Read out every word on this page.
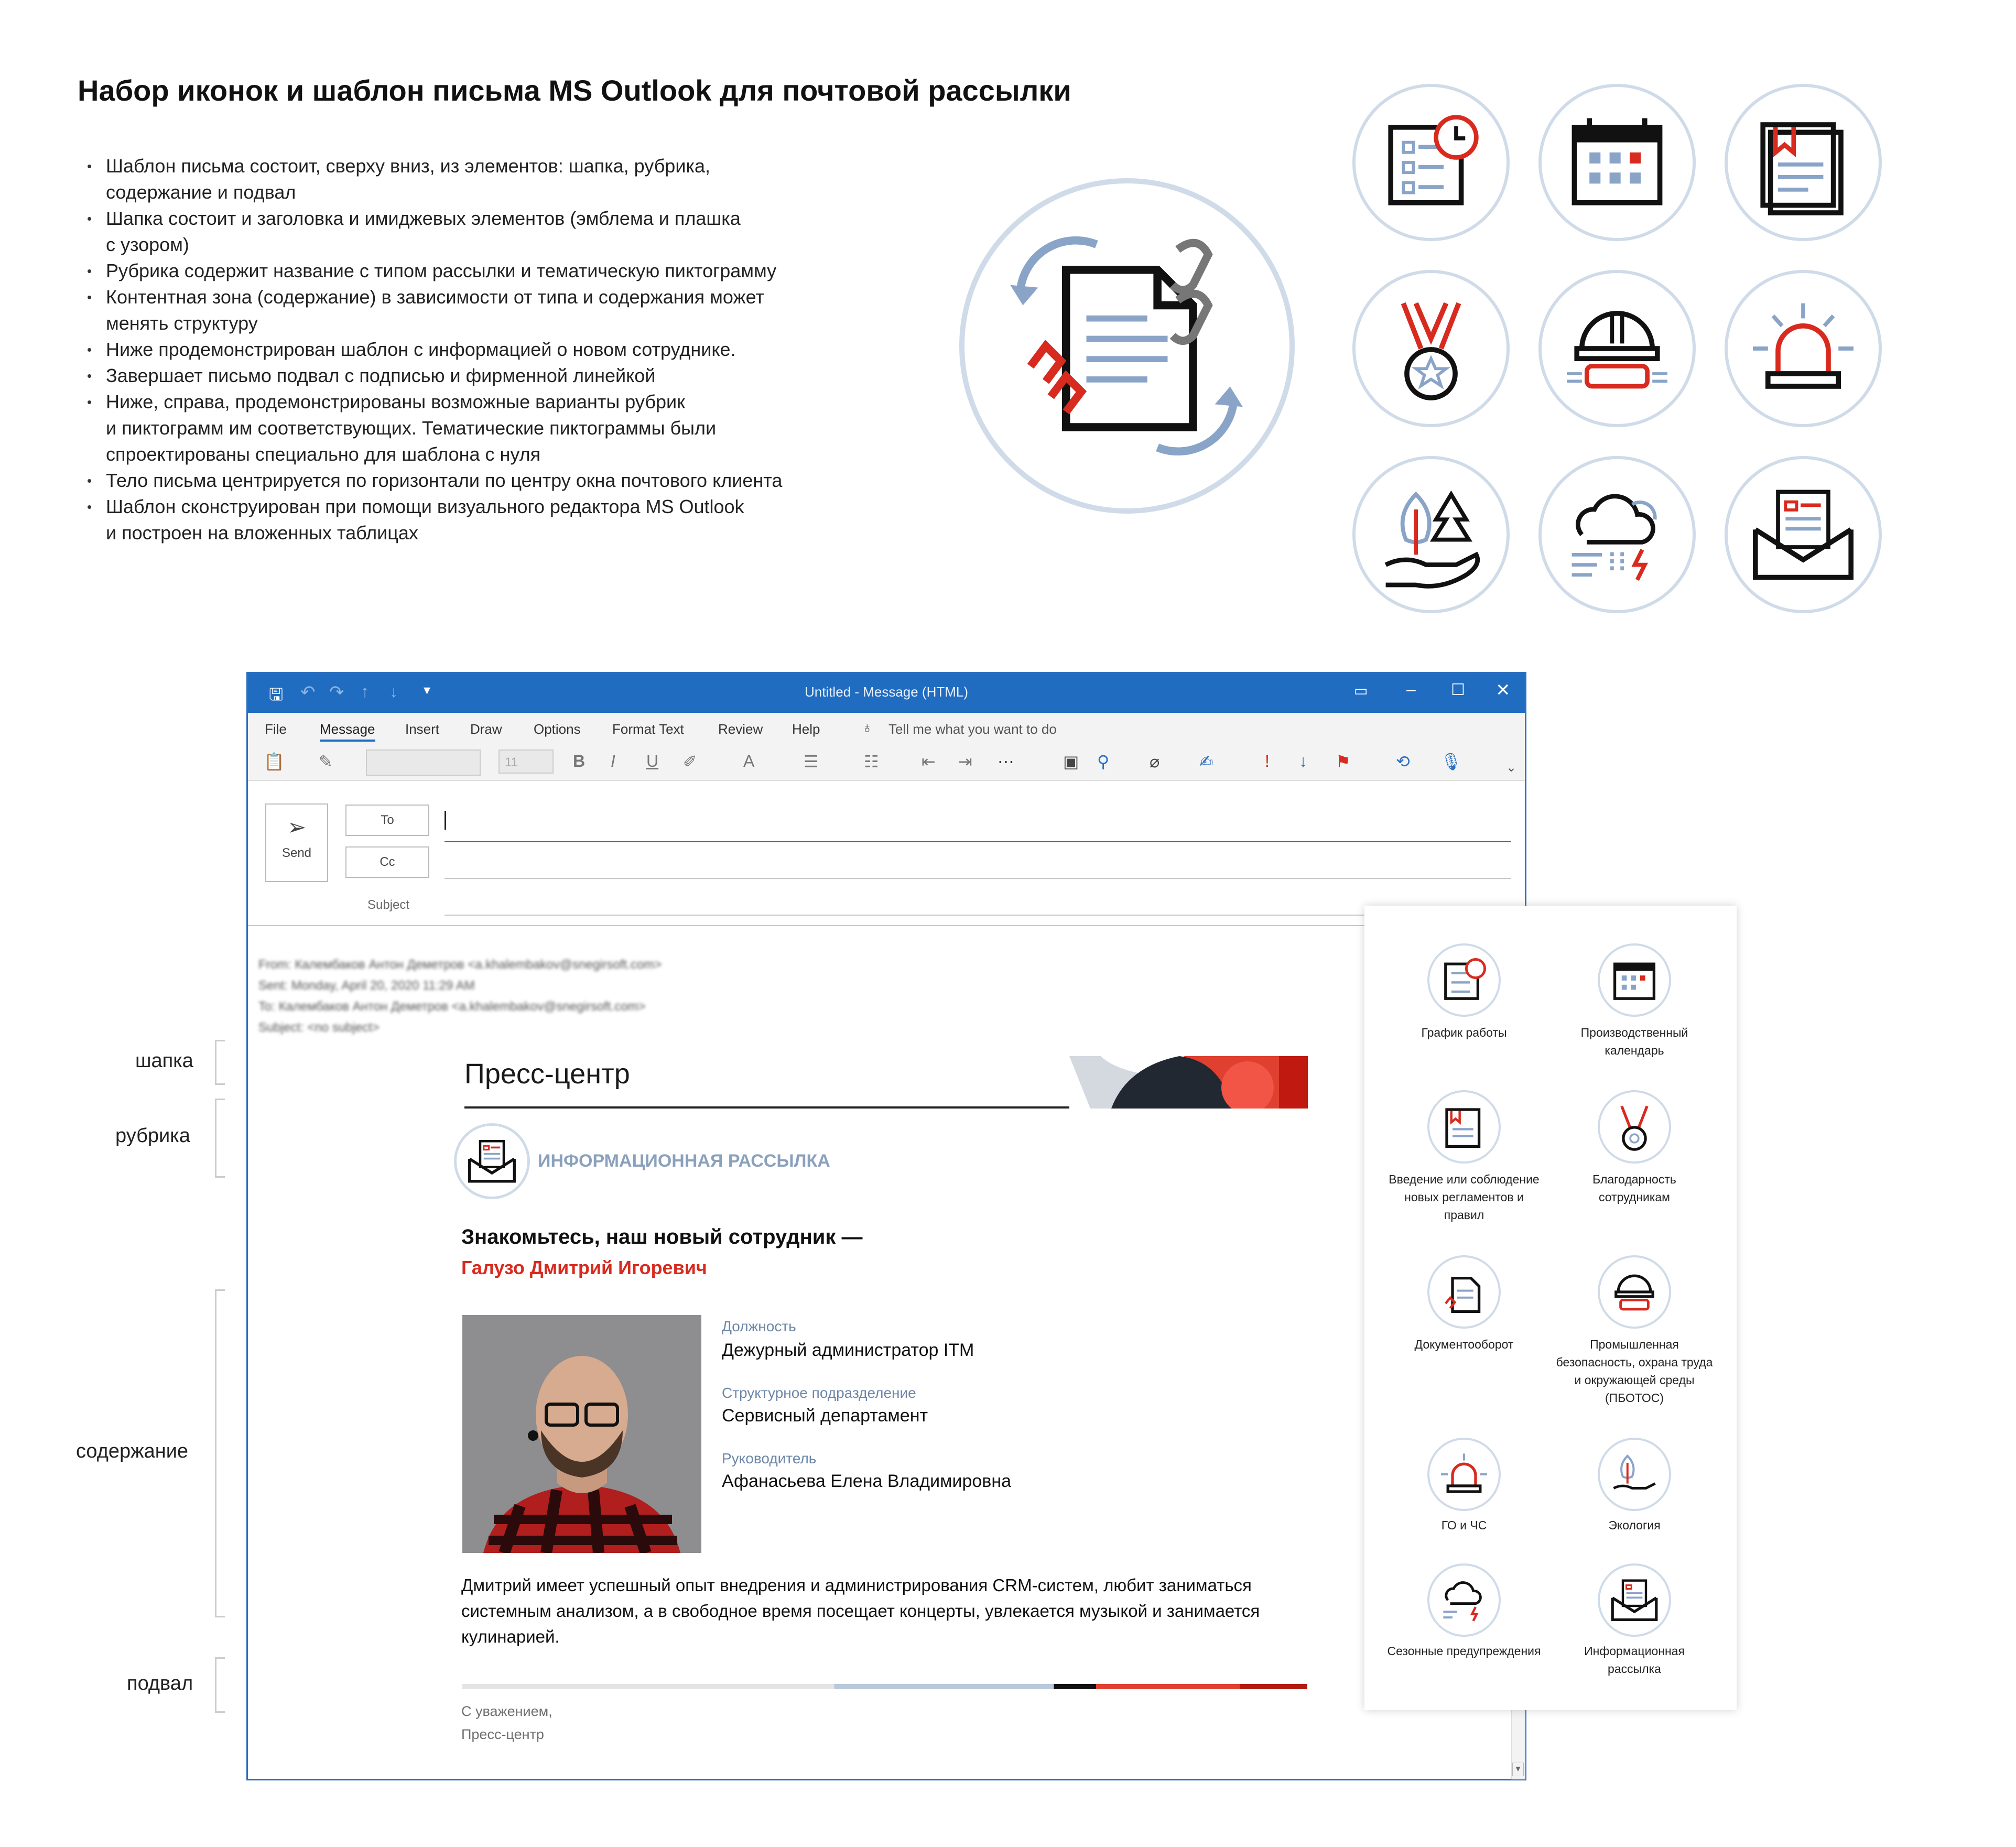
Набор иконок и шаблон письма MS Outlook для почтовой рассылки
• Шаблон письма состоит, сверху вниз, из элементов: шапка, рубрика,
содержание и подвал
• Шапка состоит и заголовка и имиджевых элементов (эмблема и плашка
с узором)
• Рубрика содержит название с типом рассылки и тематическую пиктограмму
• Контентная зона (содержание) в зависимости от типа и содержания может
менять структуру
• Ниже продемонстрирован шаблон с информацией о новом сотруднике.
• Завершает письмо подвал с подписью и фирменной линейкой
• Ниже, справа, продемонстрированы возможные варианты рубрик
и пиктограмм им соответствующих. Тематические пиктограммы были
спроектированы специально для шаблона с нуля
• Тело письма центрируется по горизонтали по центру окна почтового клиента
• Шаблон сконструирован при помощи визуального редактора MS Outlook
и построен на вложенных таблицах
🖫 ↶ ↷ ↑ ↓ ▾	Untitled - Message (HTML)	▭ – ☐ ✕
File Message Insert Draw Options Format Text	Review Help	♁ Tell me what you want to do
📋 ✎	11	B I U ✐	A	☰	☷	⇤ ⇥ ⋯	▣ ⚲ ⌀ ✍	! ↓ ⚑	⟲ 🎙	⌄
➢
Send
To
Cc
Subject
From: Калембаков Антон Деметров <a.khalembakov@snegirsoft.com>
Sent: Monday, April 20, 2020 11:29 AM
To: Калембаков Антон Деметров <a.khalembakov@snegirsoft.com>
Subject: <no subject>
▾
шапка
рубрика
содержание
подвал
Пресс-центр
ИНФОРМАЦИОННАЯ РАССЫЛКА
Знакомьтесь, наш новый сотрудник —
Галузо Дмитрий Игоревич
Должность
Дежурный администратор ITM
Структурное подразделение
Сервисный департамент
Руководитель
Афанасьева Елена Владимировна
Дмитрий имеет успешный опыт внедрения и администрирования CRM-систем, любит заниматься системным анализом, а в свободное время посещает концерты, увлекается музыкой и занимается кулинарией.
С уважением,
Пресс-центр
График работы	Производственный календарь
Введение или соблюдение новых регламентов и правил
Благодарность сотрудникам
Документооборот	Промышленная безопасность, охрана труда и окружающей среды (ПБОТОС)
ГО и ЧС	Экология
Сезонные предупреждения	Информационная рассылка
